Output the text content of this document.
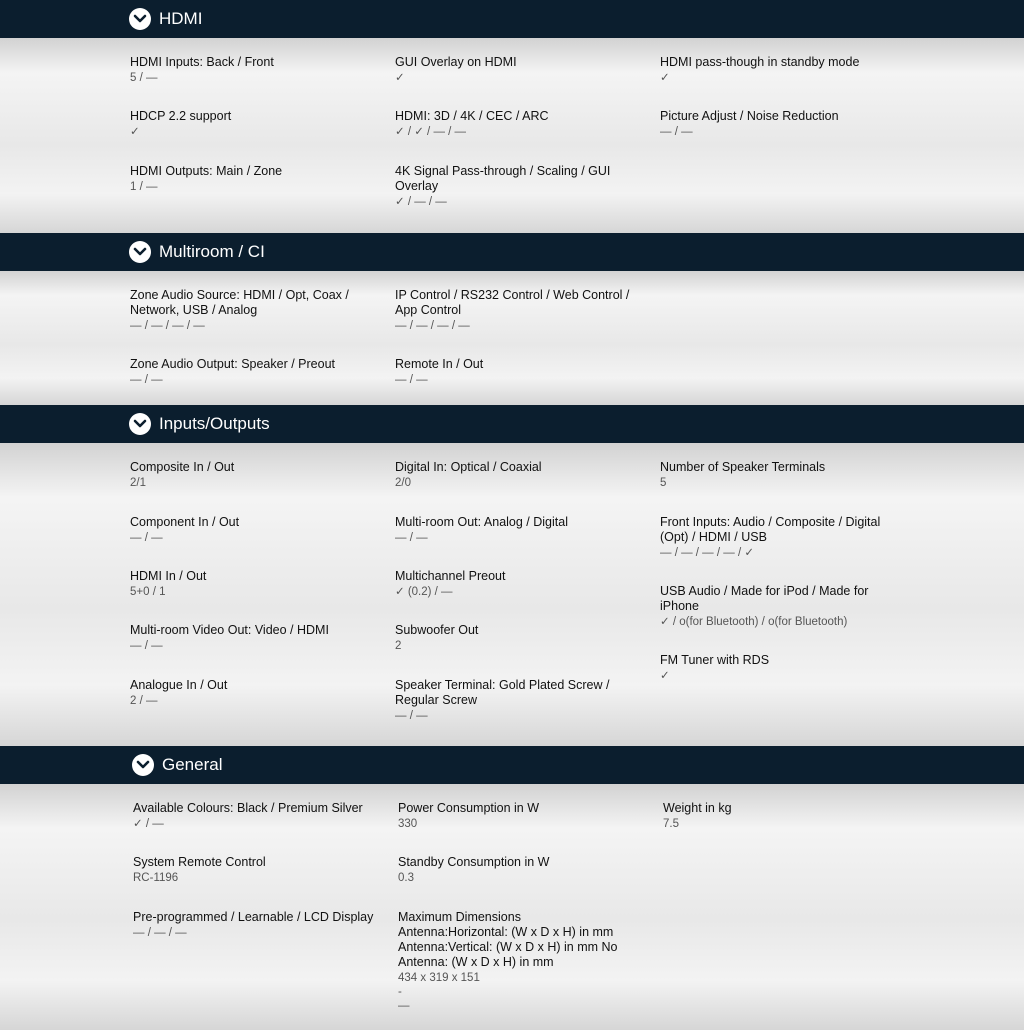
HDMI
HDMI Inputs: Back / Front
5 / —
HDCP 2.2 support
✓
HDMI Outputs: Main / Zone
1 / —
GUI Overlay on HDMI
✓
HDMI: 3D / 4K / CEC / ARC
✓ / ✓ / — / —
4K Signal Pass-through / Scaling / GUI Overlay
✓ / — / —
HDMI pass-though in standby mode
✓
Picture Adjust / Noise Reduction
— / —
Multiroom / CI
Zone Audio Source: HDMI / Opt, Coax / Network, USB / Analog
— / — / — / —
Zone Audio Output: Speaker / Preout
— / —
IP Control / RS232 Control / Web Control / App Control
— / — / — / —
Remote In / Out
— / —
Inputs/Outputs
Composite In / Out
2/1
Component In / Out
— / —
HDMI In / Out
5+0 / 1
Multi-room Video Out: Video / HDMI
— / —
Analogue In / Out
2 / —
Digital In: Optical / Coaxial
2/0
Multi-room Out: Analog / Digital
— / —
Multichannel Preout
✓ (0.2) / —
Subwoofer Out
2
Speaker Terminal: Gold Plated Screw / Regular Screw
— / —
Number of Speaker Terminals
5
Front Inputs: Audio / Composite / Digital (Opt) / HDMI / USB
— / — / — / — / ✓
USB Audio / Made for iPod / Made for iPhone
✓ / o(for Bluetooth) / o(for Bluetooth)
FM Tuner with RDS
✓
General
Available Colours: Black / Premium Silver
✓ / —
System Remote Control
RC-1196
Pre-programmed / Learnable / LCD Display
— / — / —
Power Consumption in W
330
Standby Consumption in W
0.3
Maximum Dimensions Antenna:Horizontal: (W x D x H) in mm Antenna:Vertical: (W x D x H) in mm No Antenna: (W x D x H) in mm
434 x 319 x 151
-
—
Weight in kg
7.5
